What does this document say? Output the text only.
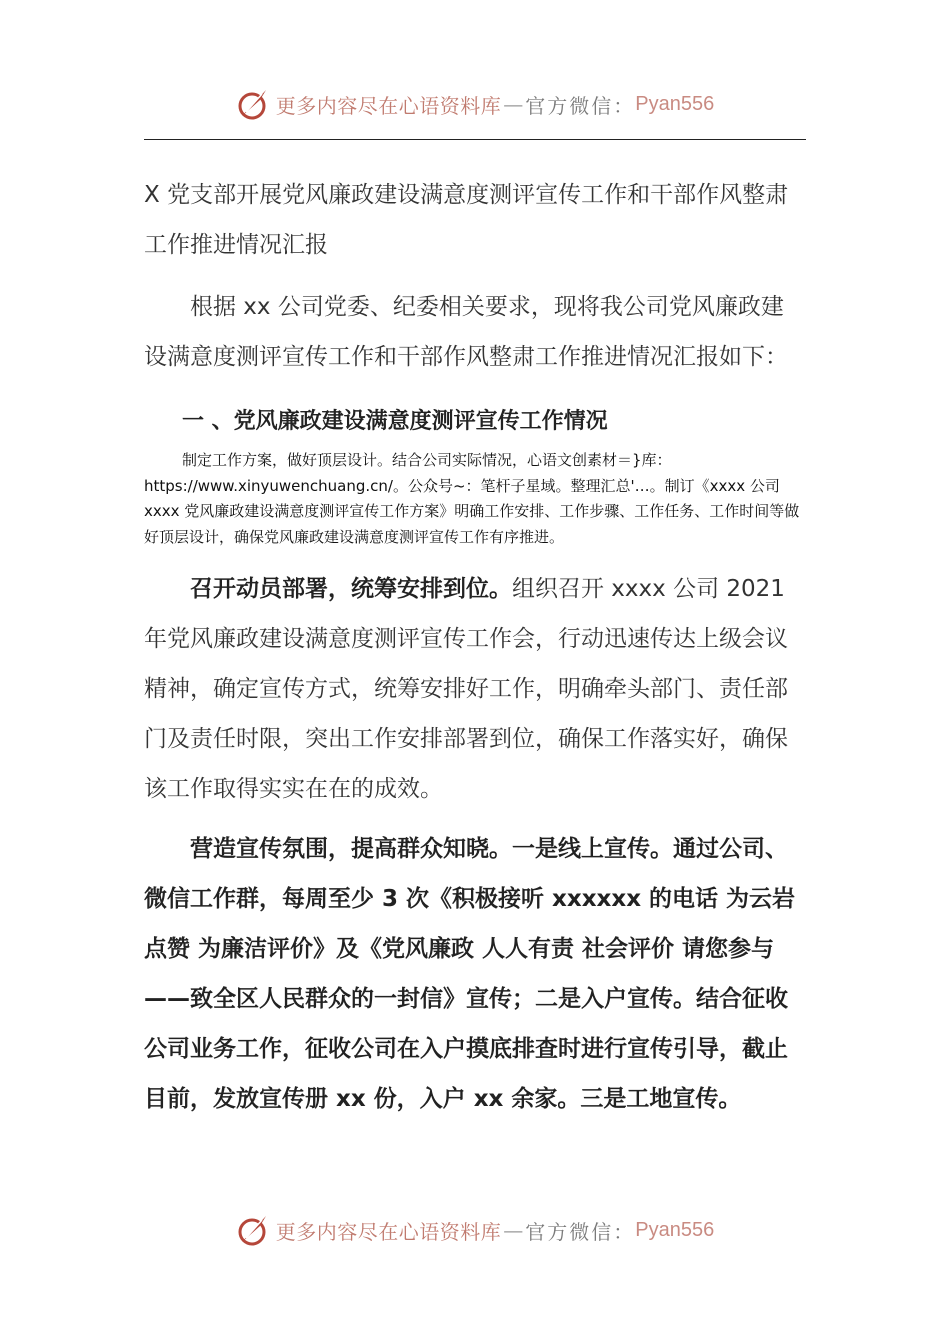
更多内容尽在心语资料库 — 官方微信： Pyan556

X 党支部开展党风廉政建设满意度测评宣传工作和干部作风整肃工作推进情况汇报

根据 xx 公司党委、纪委相关要求，现将我公司党风廉政建设满意度测评宣传工作和干部作风整肃工作推进情况汇报如下：

一 、党风廉政建设满意度测评宣传工作情况

制定工作方案，做好顶层设计。结合公司实际情况，心语文创素材＝}库：https://www.xinyuwenchuang.cn/。公众号~：笔杆子星域。整理汇总'…。制订《xxxx 公司xxxx 党风廉政建设满意度测评宣传工作方案》明确工作安排、工作步骤、工作任务、工作时间等做好顶层设计，确保党风廉政建设满意度测评宣传工作有序推进。

召开动员部署，统筹安排到位。组织召开 xxxx 公司 2021 年党风廉政建设满意度测评宣传工作会，行动迅速传达上级会议精神，确定宣传方式，统筹安排好工作，明确牵头部门、责任部门及责任时限，突出工作安排部署到位，确保工作落实好，确保该工作取得实实在在的成效。

营造宣传氛围，提高群众知晓。一是线上宣传。通过公司、微信工作群，每周至少 3 次《积极接听 xxxxxx 的电话 为云岩点赞 为廉洁评价》及《党风廉政 人人有责 社会评价 请您参与——致全区人民群众的一封信》宣传；二是入户宣传。结合征收公司业务工作，征收公司在入户摸底排查时进行宣传引导，截止目前，发放宣传册 xx 份，入户 xx 余家。三是工地宣传。

更多内容尽在心语资料库 — 官方微信： Pyan556
